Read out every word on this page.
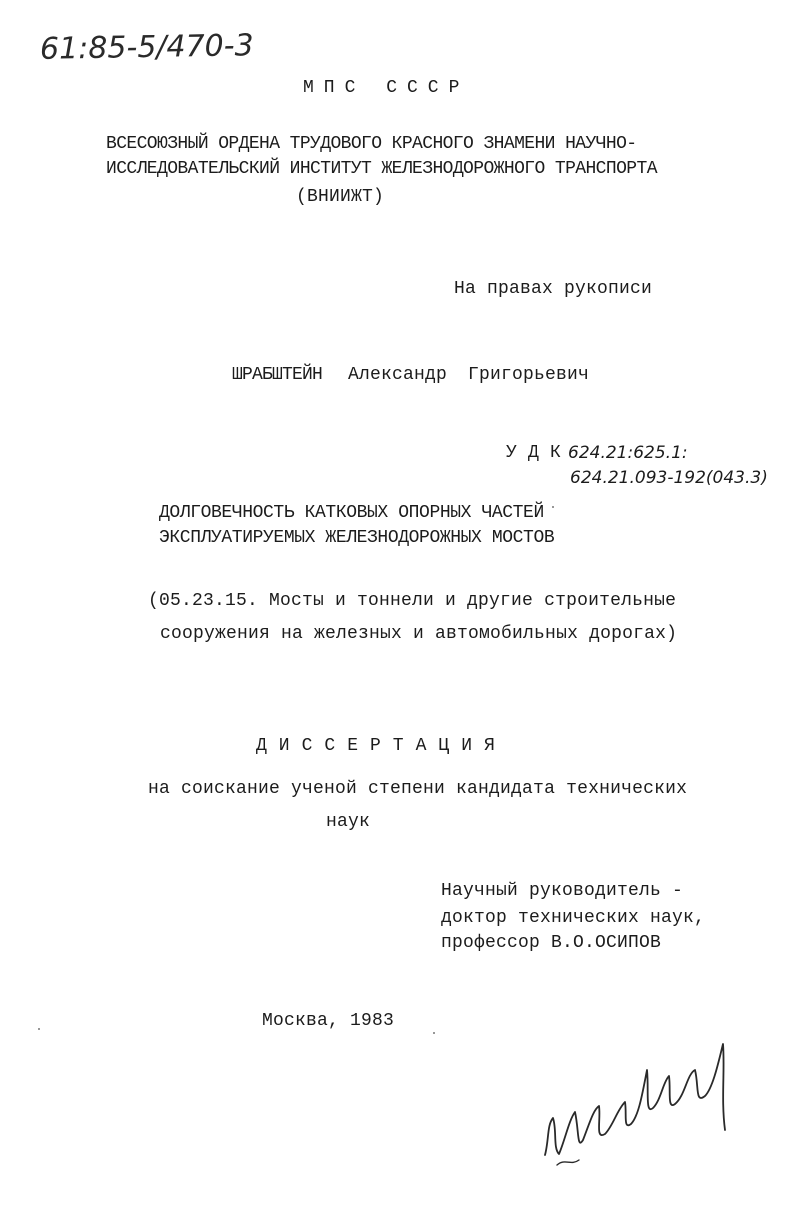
61:85-5/470-3
МПС СССР
ВСЕСОЮЗНЫЙ ОРДЕНА ТРУДОВОГО КРАСНОГО ЗНАМЕНИ НАУЧНО-
ИССЛЕДОВАТЕЛЬСКИЙ ИНСТИТУТ ЖЕЛЕЗНОДОРОЖНОГО ТРАНСПОРТА
(ВНИИЖТ)
На правах рукописи
ШРАБШТЕЙН Александр Григорьевич
У Д К 624.21:625.1:
624.21.093-192(043.3)
ДОЛГОВЕЧНОСТЬ КАТКОВЫХ ОПОРНЫХ ЧАСТЕЙ
ЭКСПЛУАТИРУЕМЫХ ЖЕЛЕЗНОДОРОЖНЫХ МОСТОВ
(05.23.15. Мосты и тоннели и другие строительные
сооружения на железных и автомобильных дорогах)
ДИССЕРТАЦИЯ
на соискание ученой степени кандидата технических
наук
Научный руководитель -
доктор технических наук,
профессор В.О.ОСИПОВ
Москва, 1983
